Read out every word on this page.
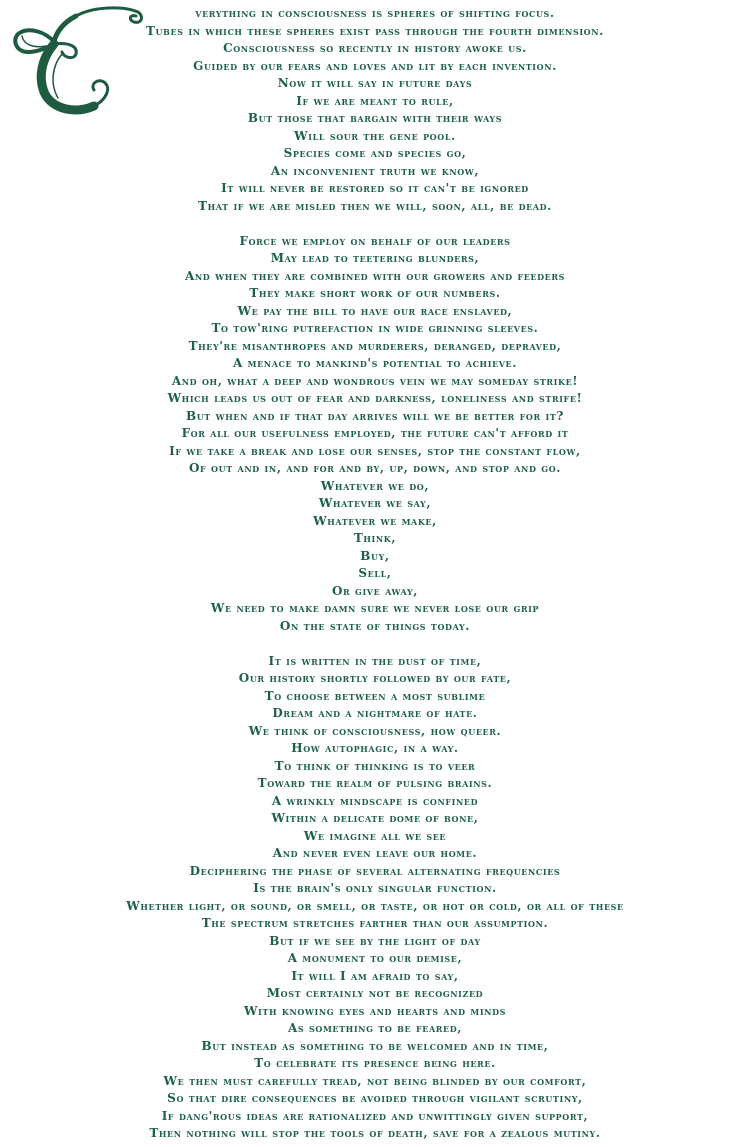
E
verything in consciousness is spheres of shifting focus.
Tubes in which these spheres exist pass through the fourth dimension.
Consciousness so recently in history awoke us.
Guided by our fears and loves and lit by each invention.
Now it will say in future days
If we are meant to rule,
But those that bargain with their ways
Will sour the gene pool.
Species come and species go,
An inconvenient truth we know,
It will never be restored so it can't be ignored
That if we are misled then we will, soon, all, be dead.
Force we employ on behalf of our leaders
May lead to teetering blunders,
And when they are combined with our growers and feeders
They make short work of our numbers.
We pay the bill to have our race enslaved,
To tow'ring putrefaction in wide grinning sleeves.
They're misanthropes and murderers, deranged, depraved,
A menace to mankind's potential to achieve.
And oh, what a deep and wondrous vein we may someday strike!
Which leads us out of fear and darkness, loneliness and strife!
But when and if that day arrives will we be better for it?
For all our usefulness employed, the future can't afford it
If we take a break and lose our senses, stop the constant flow,
Of out and in, and for and by, up, down, and stop and go.
Whatever we do,
Whatever we say,
Whatever we make,
Think,
Buy,
Sell,
Or give away,
We need to make damn sure we never lose our grip
On the state of things today.
It is written in the dust of time,
Our history shortly followed by our fate,
To choose between a most sublime
Dream and a nightmare of hate.
We think of consciousness, how queer.
How autophagic, in a way.
To think of thinking is to veer
Toward the realm of pulsing brains.
A wrinkly mindscape is confined
Within a delicate dome of bone,
We imagine all we see
And never even leave our home.
Deciphering the phase of several alternating frequencies
Is the brain's only singular function.
Whether light, or sound, or smell, or taste, or hot or cold, or all of these
The spectrum stretches farther than our assumption.
But if we see by the light of day
A monument to our demise,
It will I am afraid to say,
Most certainly not be recognized
With knowing eyes and hearts and minds
As something to be feared,
But instead as something to be welcomed and in time,
To celebrate its presence being here.
We then must carefully tread, not being blinded by our comfort,
So that dire consequences be avoided through vigilant scrutiny,
If dang'rous ideas are rationalized and unwittingly given support,
Then nothing will stop the tools of death, save for a zealous mutiny.
